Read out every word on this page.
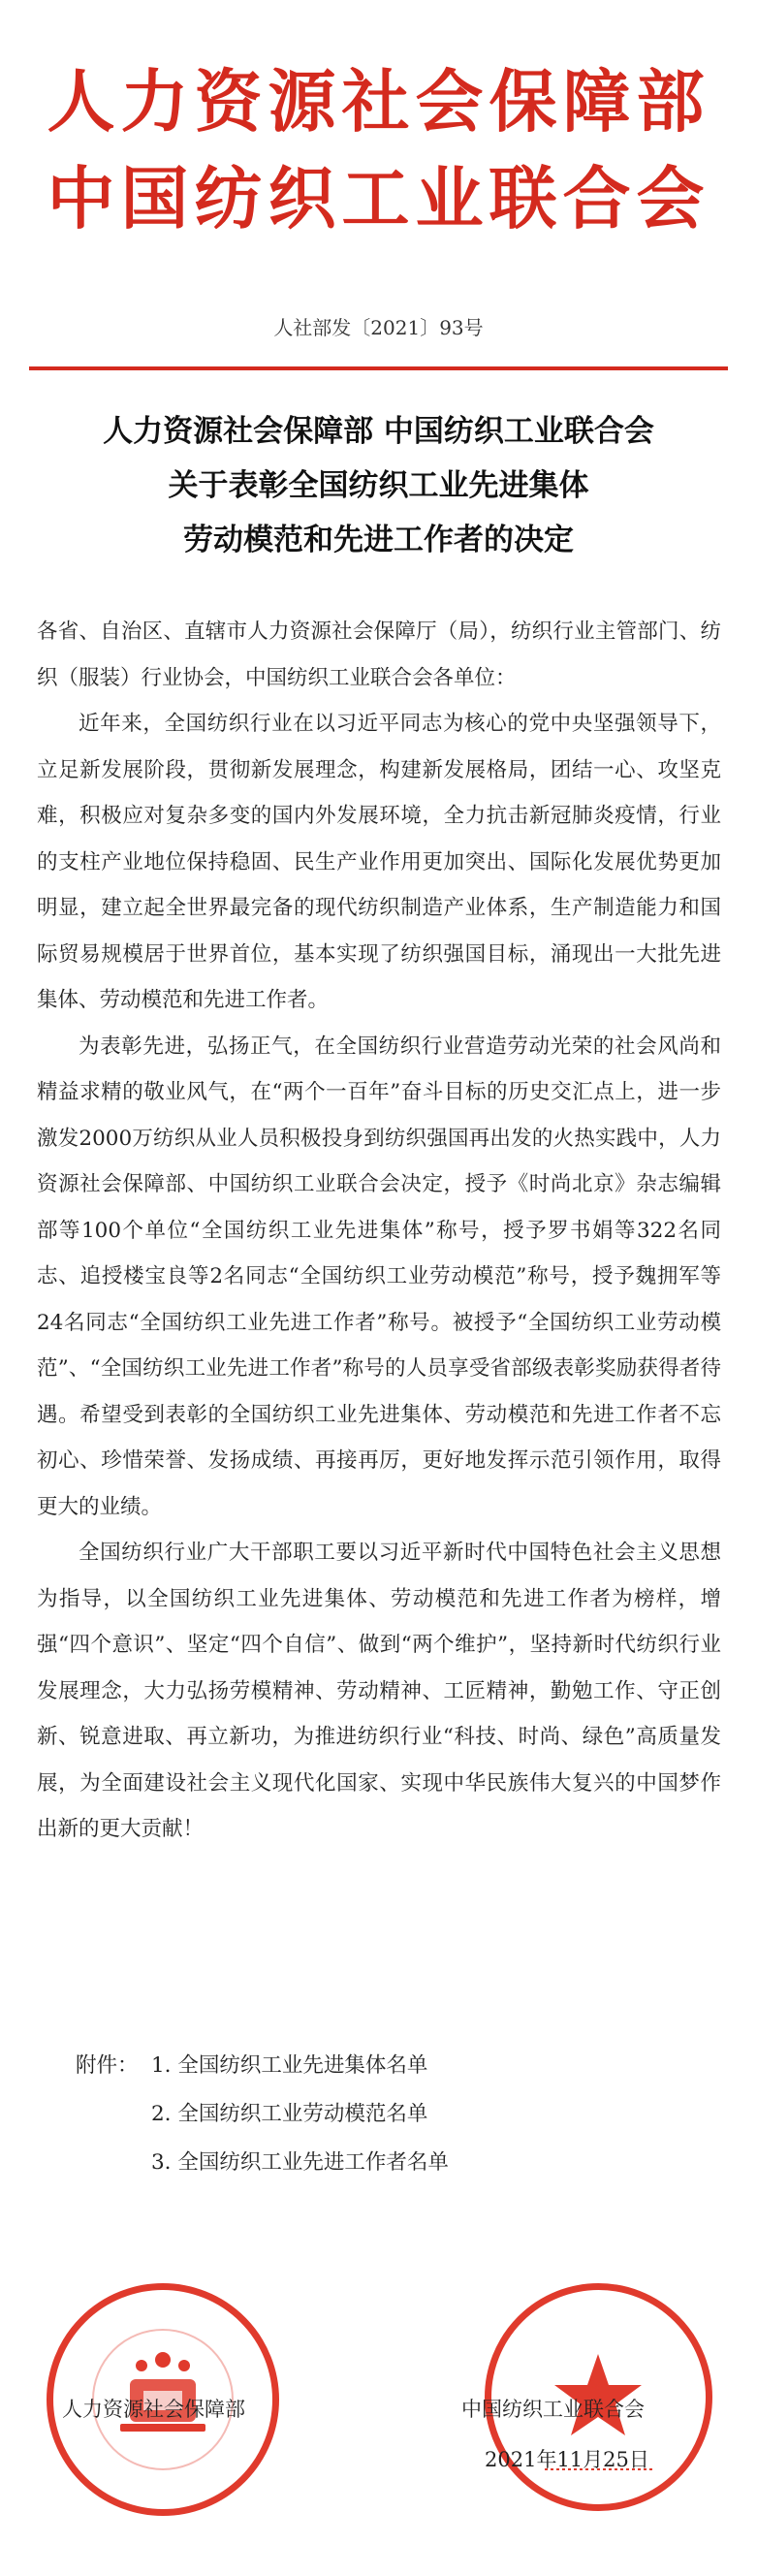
人力资源社会保障部
中国纺织工业联合会
人社部发〔2021〕93号
人力资源社会保障部 中国纺织工业联合会
关于表彰全国纺织工业先进集体
劳动模范和先进工作者的决定

各省、自治区、直辖市人力资源社会保障厅（局），纺织行业主管部门、纺织（服装）行业协会，中国纺织工业联合会各单位：

近年来，全国纺织行业在以习近平同志为核心的党中央坚强领导下，立足新发展阶段，贯彻新发展理念，构建新发展格局，团结一心、攻坚克难，积极应对复杂多变的国内外发展环境，全力抗击新冠肺炎疫情，行业的支柱产业地位保持稳固、民生产业作用更加突出、国际化发展优势更加明显，建立起全世界最完备的现代纺织制造产业体系，生产制造能力和国际贸易规模居于世界首位，基本实现了纺织强国目标，涌现出一大批先进集体、劳动模范和先进工作者。

为表彰先进，弘扬正气，在全国纺织行业营造劳动光荣的社会风尚和精益求精的敬业风气，在“两个一百年”奋斗目标的历史交汇点上，进一步激发2000万纺织从业人员积极投身到纺织强国再出发的火热实践中，人力资源社会保障部、中国纺织工业联合会决定，授予《时尚北京》杂志编辑部等100个单位“全国纺织工业先进集体”称号，授予罗书娟等322名同志、追授楼宝良等2名同志“全国纺织工业劳动模范”称号，授予魏拥军等24名同志“全国纺织工业先进工作者”称号。被授予“全国纺织工业劳动模范”、“全国纺织工业先进工作者”称号的人员享受省部级表彰奖励获得者待遇。希望受到表彰的全国纺织工业先进集体、劳动模范和先进工作者不忘初心、珍惜荣誉、发扬成绩、再接再厉，更好地发挥示范引领作用，取得更大的业绩。

全国纺织行业广大干部职工要以习近平新时代中国特色社会主义思想为指导，以全国纺织工业先进集体、劳动模范和先进工作者为榜样，增强“四个意识”、坚定“四个自信”、做到“两个维护”，坚持新时代纺织行业发展理念，大力弘扬劳模精神、劳动精神、工匠精神，勤勉工作、守正创新、锐意进取、再立新功，为推进纺织行业“科技、时尚、绿色”高质量发展，为全面建设社会主义现代化国家、实现中华民族伟大复兴的中国梦作出新的更大贡献！

附件： 1. 全国纺织工业先进集体名单
2. 全国纺织工业劳动模范名单
3. 全国纺织工业先进工作者名单
人力资源社会保障部	中国纺织工业联合会
2021年11月25日
